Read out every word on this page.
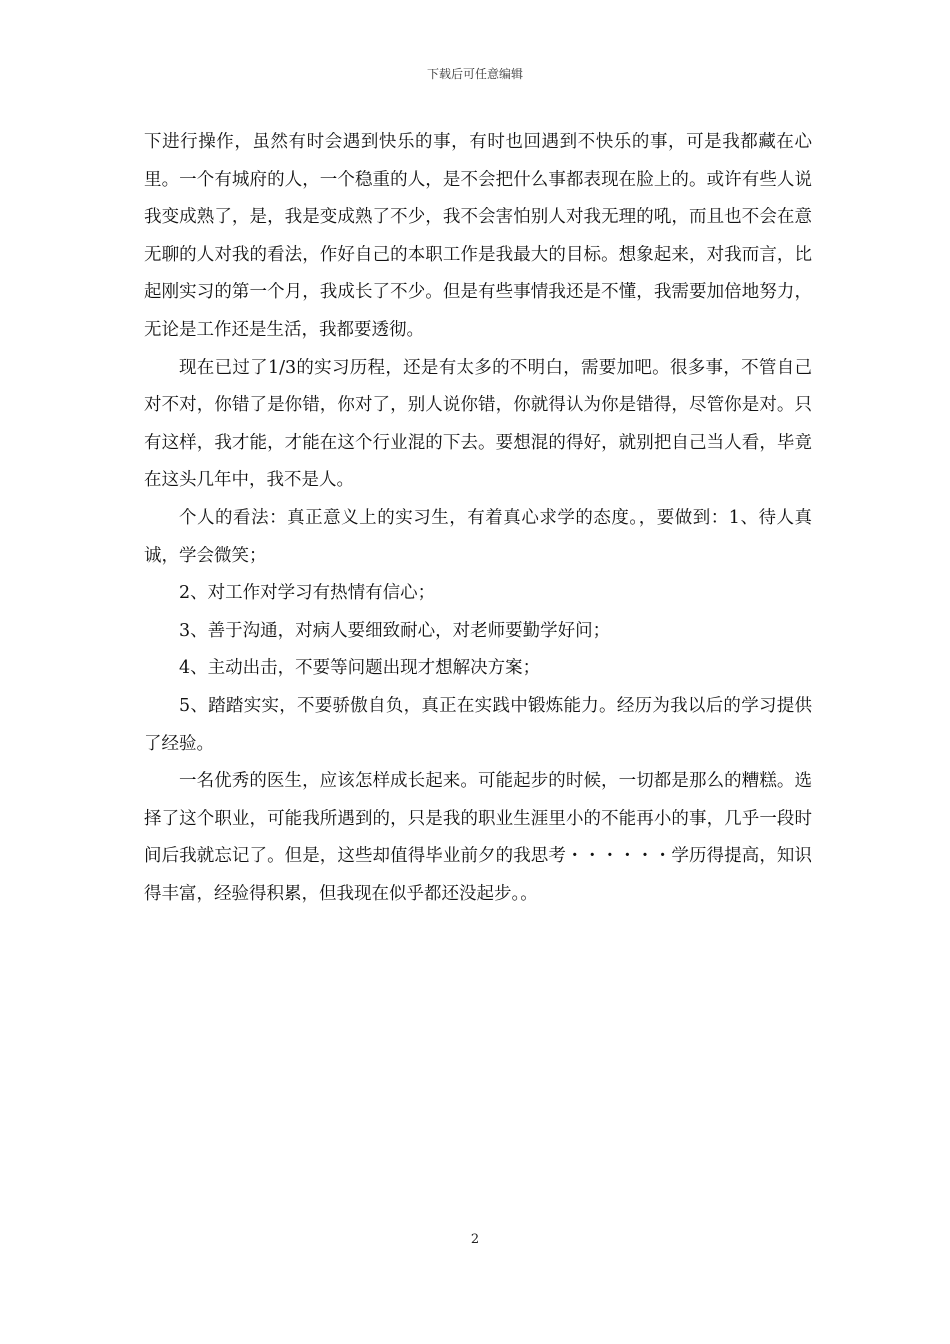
下载后可任意编辑

下进行操作，虽然有时会遇到快乐的事，有时也回遇到不快乐的事，可是我都藏在心里。一个有城府的人，一个稳重的人，是不会把什么事都表现在脸上的。或许有些人说我变成熟了，是，我是变成熟了不少，我不会害怕别人对我无理的吼，而且也不会在意无聊的人对我的看法，作好自己的本职工作是我最大的目标。想象起来，对我而言，比起刚实习的第一个月，我成长了不少。但是有些事情我还是不懂，我需要加倍地努力，无论是工作还是生活，我都要透彻。

现在已过了1/3的实习历程，还是有太多的不明白，需要加吧。很多事，不管自己对不对，你错了是你错，你对了，别人说你错，你就得认为你是错得，尽管你是对。只有这样，我才能，才能在这个行业混的下去。要想混的得好，就别把自己当人看，毕竟在这头几年中，我不是人。

个人的看法：真正意义上的实习生，有着真心求学的态度。，要做到：1、待人真诚，学会微笑；

2、对工作对学习有热情有信心；

3、善于沟通，对病人要细致耐心，对老师要勤学好问；

4、主动出击，不要等问题出现才想解决方案；

5、踏踏实实，不要骄傲自负，真正在实践中锻炼能力。经历为我以后的学习提供了经验。

一名优秀的医生，应该怎样成长起来。可能起步的时候，一切都是那么的糟糕。选择了这个职业，可能我所遇到的，只是我的职业生涯里小的不能再小的事，几乎一段时间后我就忘记了。但是，这些却值得毕业前夕的我思考・・・・・・学历得提高，知识得丰富，经验得积累，但我现在似乎都还没起步。。

2
